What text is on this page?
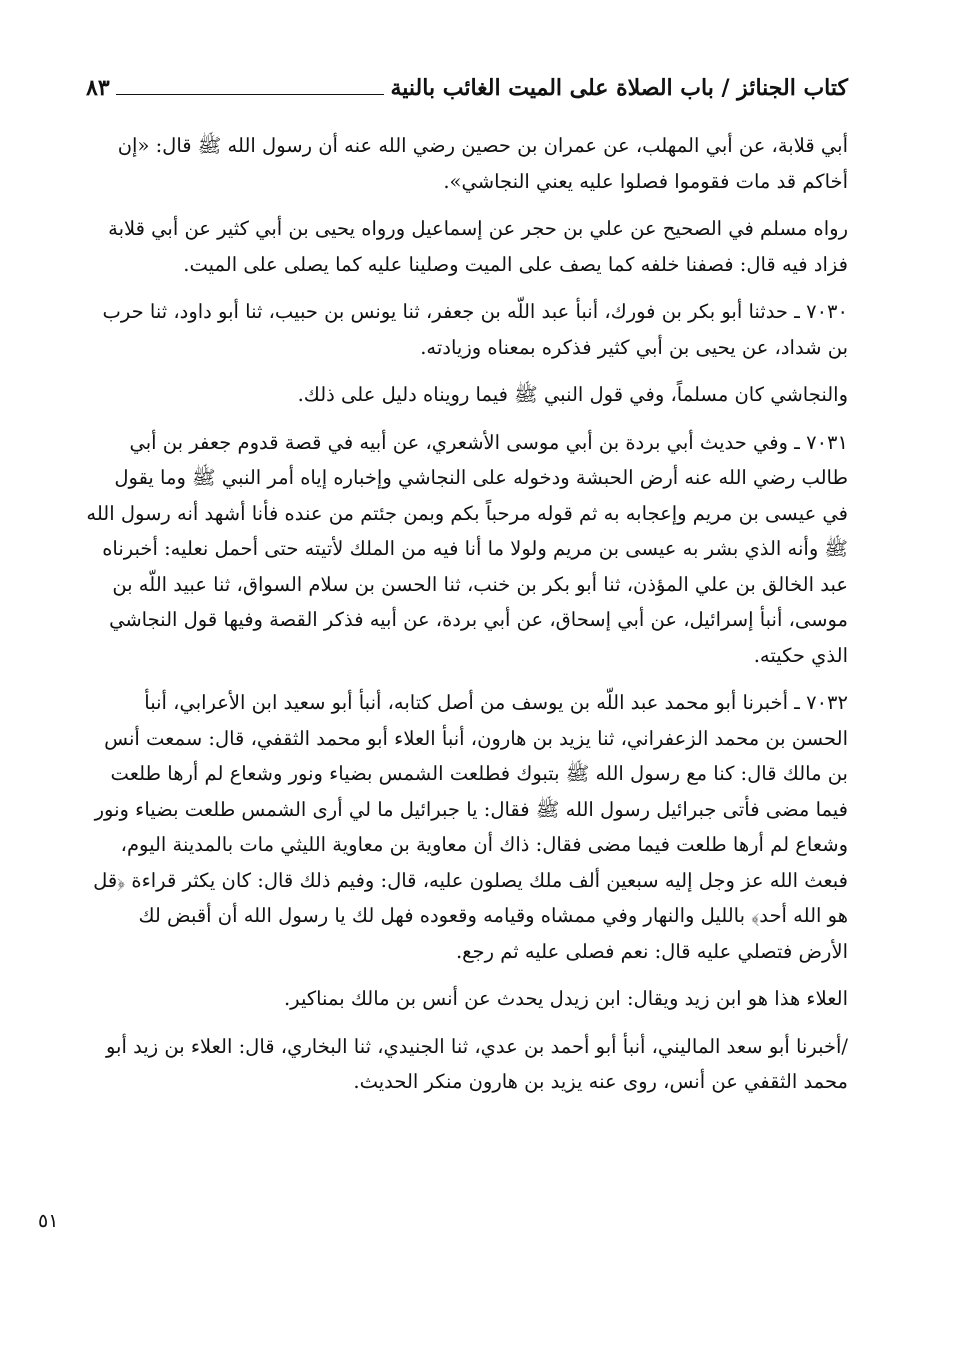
كتاب الجنائز / باب الصلاة على الميت الغائب بالنية
٨٣

أبي قلابة، عن أبي المهلب، عن عمران بن حصين رضي الله عنه أن رسول الله ﷺ قال: «إن أخاكم قد مات فقوموا فصلوا عليه يعني النجاشي».

رواه مسلم في الصحيح عن علي بن حجر عن إسماعيل ورواه يحيى بن أبي كثير عن أبي قلابة فزاد فيه قال: فصفنا خلفه كما يصف على الميت وصلينا عليه كما يصلى على الميت.

٧٠٣٠ ـ حدثنا أبو بكر بن فورك، أنبأ عبد اللّه بن جعفر، ثنا يونس بن حبيب، ثنا أبو داود، ثنا حرب بن شداد، عن يحيى بن أبي كثير فذكره بمعناه وزيادته.

والنجاشي كان مسلماً، وفي قول النبي ﷺ فيما رويناه دليل على ذلك.

٧٠٣١ ـ وفي حديث أبي بردة بن أبي موسى الأشعري، عن أبيه في قصة قدوم جعفر بن أبي طالب رضي الله عنه أرض الحبشة ودخوله على النجاشي وإخباره إياه أمر النبي ﷺ وما يقول في عيسى بن مريم وإعجابه به ثم قوله مرحباً بكم وبمن جئتم من عنده فأنا أشهد أنه رسول الله ﷺ وأنه الذي بشر به عيسى بن مريم ولولا ما أنا فيه من الملك لأتيته حتى أحمل نعليه: أخبرناه عبد الخالق بن علي المؤذن، ثنا أبو بكر بن خنب، ثنا الحسن بن سلام السواق، ثنا عبيد اللّه بن موسى، أنبأ إسرائيل، عن أبي إسحاق، عن أبي بردة، عن أبيه فذكر القصة وفيها قول النجاشي الذي حكيته.

٧٠٣٢ ـ أخبرنا أبو محمد عبد اللّه بن يوسف من أصل كتابه، أنبأ أبو سعيد ابن الأعرابي، أنبأ الحسن بن محمد الزعفراني، ثنا يزيد بن هارون، أنبأ العلاء أبو محمد الثقفي، قال: سمعت أنس بن مالك قال: كنا مع رسول الله ﷺ بتبوك فطلعت الشمس بضياء ونور وشعاع لم أرها طلعت فيما مضى فأتى جبرائيل رسول الله ﷺ فقال: يا جبرائيل ما لي أرى الشمس طلعت بضياء ونور وشعاع لم أرها طلعت فيما مضى فقال: ذاك أن معاوية بن معاوية الليثي مات بالمدينة اليوم، فبعث الله عز وجل إليه سبعين ألف ملك يصلون عليه، قال: وفيم ذلك قال: كان يكثر قراءة ﴿قل هو الله أحد﴾ بالليل والنهار وفي ممشاه وقيامه وقعوده فهل لك يا رسول الله أن أقبض لك الأرض فتصلي عليه قال: نعم فصلى عليه ثم رجع.

العلاء هذا هو ابن زيد ويقال: ابن زيدل يحدث عن أنس بن مالك بمناكير.

/أخبرنا أبو سعد الماليني، أنبأ أبو أحمد بن عدي، ثنا الجنيدي، ثنا البخاري، قال: العلاء بن زيد أبو محمد الثقفي عن أنس، روى عنه يزيد بن هارون منكر الحديث.

٥١
